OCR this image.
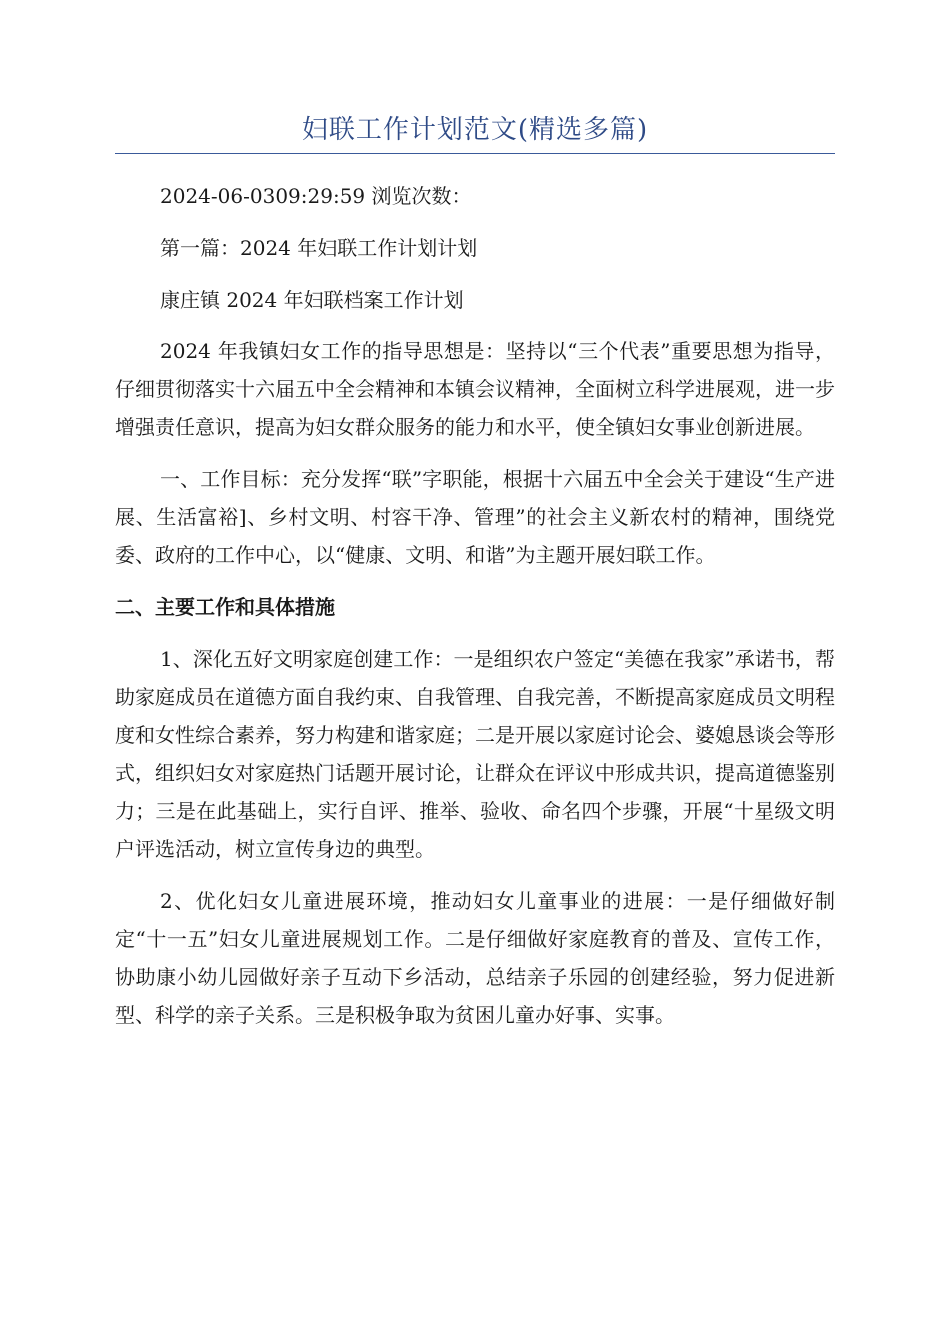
妇联工作计划范文(精选多篇)

2024-06-0309:29:59 浏览次数：

第一篇：2024 年妇联工作计划计划

康庄镇 2024 年妇联档案工作计划

2024 年我镇妇女工作的指导思想是：坚持以“三个代表”重要思想为指导，仔细贯彻落实十六届五中全会精神和本镇会议精神，全面树立科学进展观，进一步增强责任意识，提高为妇女群众服务的能力和水平，使全镇妇女事业创新进展。

一、工作目标：充分发挥“联”字职能，根据十六届五中全会关于建设“生产进展、生活富裕]、乡村文明、村容干净、管理”的社会主义新农村的精神，围绕党委、政府的工作中心，以“健康、文明、和谐”为主题开展妇联工作。

二、主要工作和具体措施

1、深化五好文明家庭创建工作：一是组织农户签定“美德在我家”承诺书，帮助家庭成员在道德方面自我约束、自我管理、自我完善，不断提高家庭成员文明程度和女性综合素养，努力构建和谐家庭；二是开展以家庭讨论会、婆媳恳谈会等形式，组织妇女对家庭热门话题开展讨论，让群众在评议中形成共识，提高道德鉴别力；三是在此基础上，实行自评、推举、验收、命名四个步骤，开展“十星级文明户评选活动，树立宣传身边的典型。

2、优化妇女儿童进展环境，推动妇女儿童事业的进展：一是仔细做好制定“十一五”妇女儿童进展规划工作。二是仔细做好家庭教育的普及、宣传工作，协助康小幼儿园做好亲子互动下乡活动，总结亲子乐园的创建经验，努力促进新型、科学的亲子关系。三是积极争取为贫困儿童办好事、实事。
